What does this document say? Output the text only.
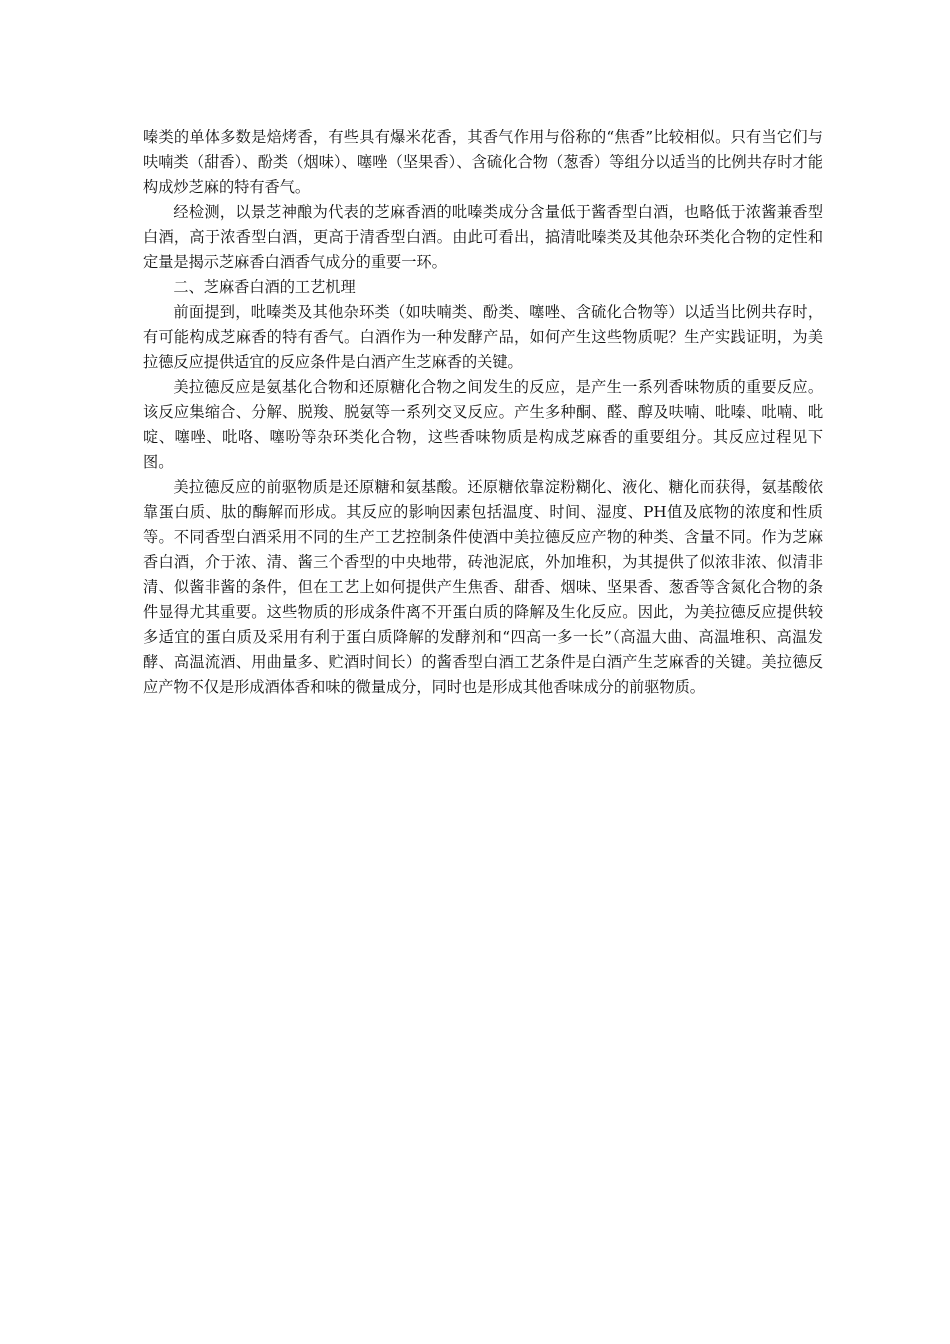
嗪类的单体多数是焙烤香，有些具有爆米花香，其香气作用与俗称的“焦香”比较相似。只有当它们与呋喃类（甜香）、酚类（烟味）、噻唑（坚果香）、含硫化合物（葱香）等组分以适当的比例共存时才能构成炒芝麻的特有香气。

经检测，以景芝神酿为代表的芝麻香酒的吡嗪类成分含量低于酱香型白酒，也略低于浓酱兼香型白酒，高于浓香型白酒，更高于清香型白酒。由此可看出，搞清吡嗪类及其他杂环类化合物的定性和定量是揭示芝麻香白酒香气成分的重要一环。

二、芝麻香白酒的工艺机理

前面提到，吡嗪类及其他杂环类（如呋喃类、酚类、噻唑、含硫化合物等）以适当比例共存时，有可能构成芝麻香的特有香气。白酒作为一种发酵产品，如何产生这些物质呢？生产实践证明，为美拉德反应提供适宜的反应条件是白酒产生芝麻香的关键。

美拉德反应是氨基化合物和还原糖化合物之间发生的反应，是产生一系列香味物质的重要反应。该反应集缩合、分解、脱羧、脱氨等一系列交叉反应。产生多种酮、醛、醇及呋喃、吡嗪、吡喃、吡啶、噻唑、吡咯、噻吩等杂环类化合物，这些香味物质是构成芝麻香的重要组分。其反应过程见下图。

美拉德反应的前驱物质是还原糖和氨基酸。还原糖依靠淀粉糊化、液化、糖化而获得，氨基酸依靠蛋白质、肽的酶解而形成。其反应的影响因素包括温度、时间、湿度、PH值及底物的浓度和性质等。不同香型白酒采用不同的生产工艺控制条件使酒中美拉德反应产物的种类、含量不同。作为芝麻香白酒，介于浓、清、酱三个香型的中央地带，砖池泥底，外加堆积，为其提供了似浓非浓、似清非清、似酱非酱的条件，但在工艺上如何提供产生焦香、甜香、烟味、坚果香、葱香等含氮化合物的条件显得尤其重要。这些物质的形成条件离不开蛋白质的降解及生化反应。因此，为美拉德反应提供较多适宜的蛋白质及采用有利于蛋白质降解的发酵剂和“四高一多一长”（高温大曲、高温堆积、高温发酵、高温流酒、用曲量多、贮酒时间长）的酱香型白酒工艺条件是白酒产生芝麻香的关键。美拉德反应产物不仅是形成酒体香和味的微量成分，同时也是形成其他香味成分的前驱物质。
